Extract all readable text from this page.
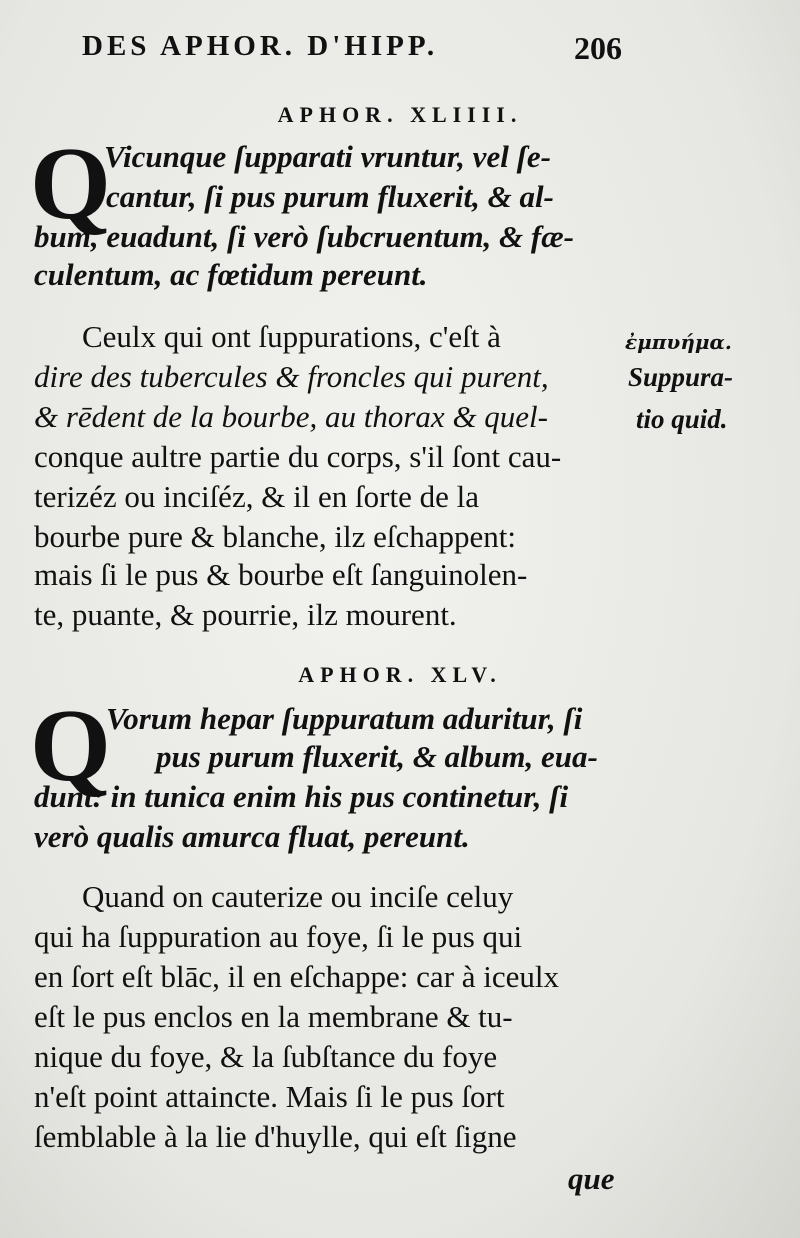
DES APHOR. D'HIPP.	206
APHOR. XLIIII.
Q
Vicunque ſupparati vruntur, vel ſe-
cantur, ſi pus purum fluxerit, & al-
bum, euadunt, ſi verò ſubcruentum, & fæ-
culentum, ac fœtidum pereunt.
Ceulx qui ont ſuppurations, c'eſt à
dire des tubercules & froncles qui purent,
& rēdent de la bourbe, au thorax & quel-
conque aultre partie du corps, s'il ſont cau-
terizéz ou inciſéz, & il en ſorte de la
bourbe pure & blanche, ilz eſchappent:
mais ſi le pus & bourbe eſt ſanguinolen-
te, puante, & pourrie, ilz mourent.
ἐμπυήμα.
Suppura-
tio quid.
APHOR. XLV.
Q
Vorum hepar ſuppuratum aduritur, ſi
pus purum fluxerit, & album, eua-
dunt: in tunica enim his pus continetur, ſi
verò qualis amurca fluat, pereunt.
Quand on cauterize ou inciſe celuy
qui ha ſuppuration au foye, ſi le pus qui
en ſort eſt blāc, il en eſchappe: car à iceulx
eſt le pus enclos en la membrane & tu-
nique du foye, & la ſubſtance du foye
n'eſt point attaincte. Mais ſi le pus ſort
ſemblable à la lie d'huylle, qui eſt ſigne
que
